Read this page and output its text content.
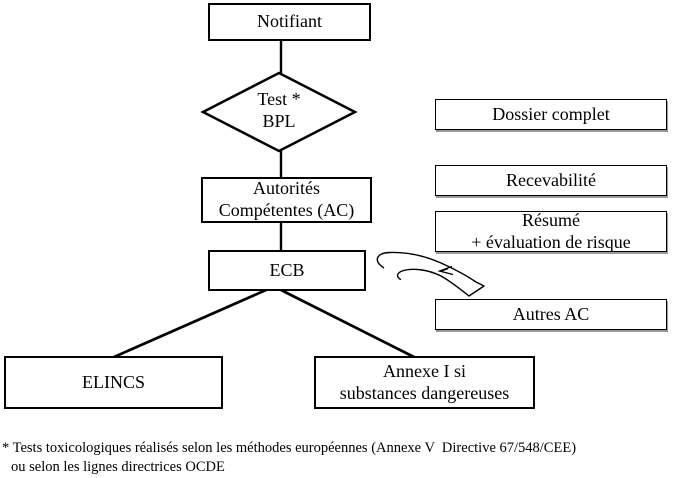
Notifiant
Test *
BPL
Autorités
Compétentes (AC)
ECB
ELINCS
Annexe I si
substances dangereuses
Dossier complet
Recevabilité
Résumé
+ évaluation de risque
Autres AC
* Tests toxicologiques réalisés selon les méthodes européennes (Annexe V  Directive 67/548/CEE)
ou selon les lignes directrices OCDE
